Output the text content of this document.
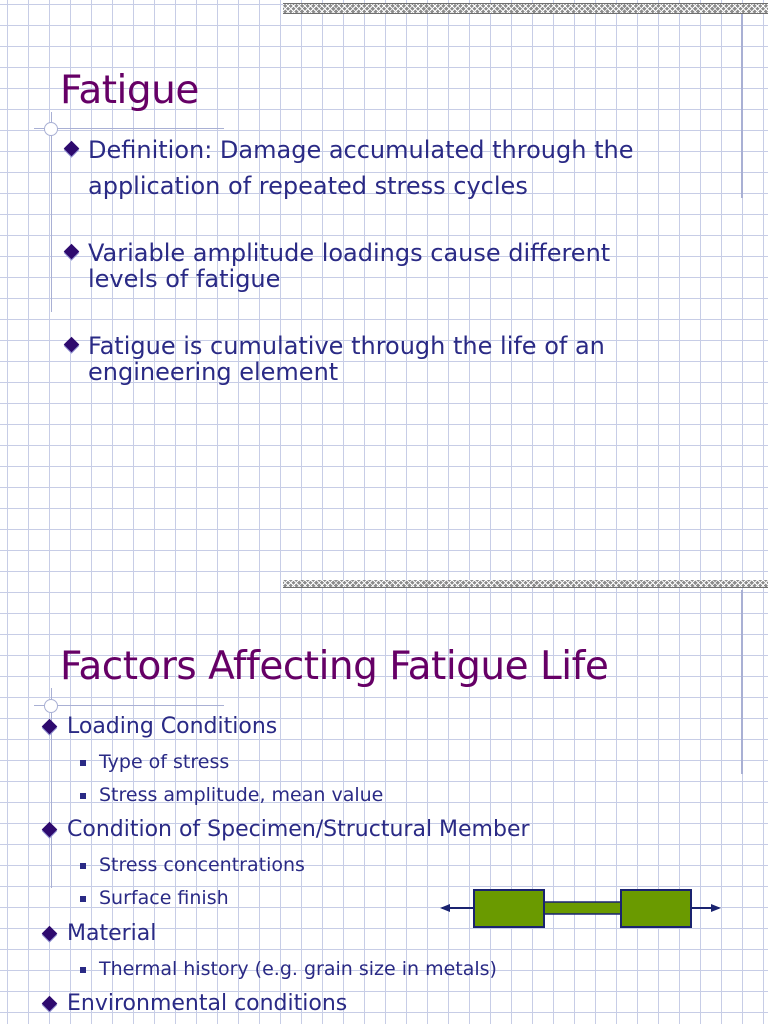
Fatigue
Definition: Damage accumulated through the
application of repeated stress cycles
Variable amplitude loadings cause different
levels of fatigue
Fatigue is cumulative through the life of an
engineering element
Factors Affecting Fatigue Life
Loading Conditions
Type of stress
Stress amplitude, mean value
Condition of Specimen/Structural Member
Stress concentrations
Surface finish
Material
Thermal history (e.g. grain size in metals)
Environmental conditions
